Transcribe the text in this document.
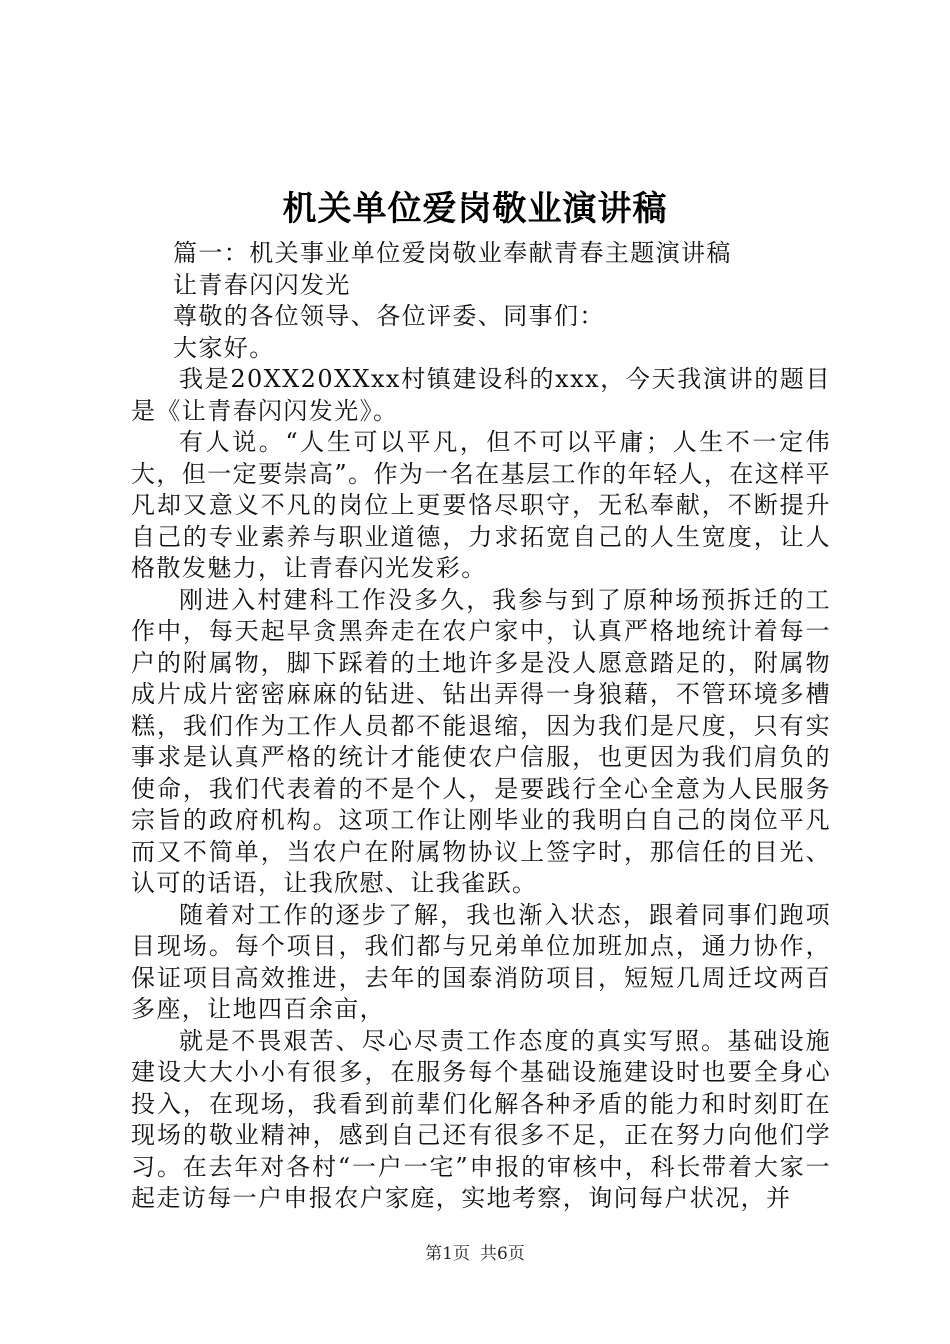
机关单位爱岗敬业演讲稿

篇一：机关事业单位爱岗敬业奉献青春主题演讲稿

让青春闪闪发光

尊敬的各位领导、各位评委、同事们：

大家好。

我是20XX20XXxx村镇建设科的xxx，今天我演讲的题目是《让青春闪闪发光》。

有人说。“人生可以平凡，但不可以平庸；人生不一定伟大，但一定要崇高”。作为一名在基层工作的年轻人，在这样平凡却又意义不凡的岗位上更要恪尽职守，无私奉献，不断提升自己的专业素养与职业道德，力求拓宽自己的人生宽度，让人格散发魅力，让青春闪光发彩。

刚进入村建科工作没多久，我参与到了原种场预拆迁的工作中，每天起早贪黑奔走在农户家中，认真严格地统计着每一户的附属物，脚下踩着的土地许多是没人愿意踏足的，附属物成片成片密密麻麻的钻进、钻出弄得一身狼藉，不管环境多槽糕，我们作为工作人员都不能退缩，因为我们是尺度，只有实事求是认真严格的统计才能使农户信服，也更因为我们肩负的使命，我们代表着的不是个人，是要践行全心全意为人民服务宗旨的政府机构。这项工作让刚毕业的我明白自己的岗位平凡而又不简单，当农户在附属物协议上签字时，那信任的目光、认可的话语，让我欣慰、让我雀跃。

随着对工作的逐步了解，我也渐入状态，跟着同事们跑项目现场。每个项目，我们都与兄弟单位加班加点，通力协作，保证项目高效推进，去年的国泰消防项目，短短几周迁坟两百多座，让地四百余亩，

就是不畏艰苦、尽心尽责工作态度的真实写照。基础设施建设大大小小有很多，在服务每个基础设施建设时也要全身心投入，在现场，我看到前辈们化解各种矛盾的能力和时刻盯在现场的敬业精神，感到自己还有很多不足，正在努力向他们学习。在去年对各村“一户一宅”申报的审核中，科长带着大家一起走访每一户申报农户家庭，实地考察，询问每户状况，并

第1页 共6页
